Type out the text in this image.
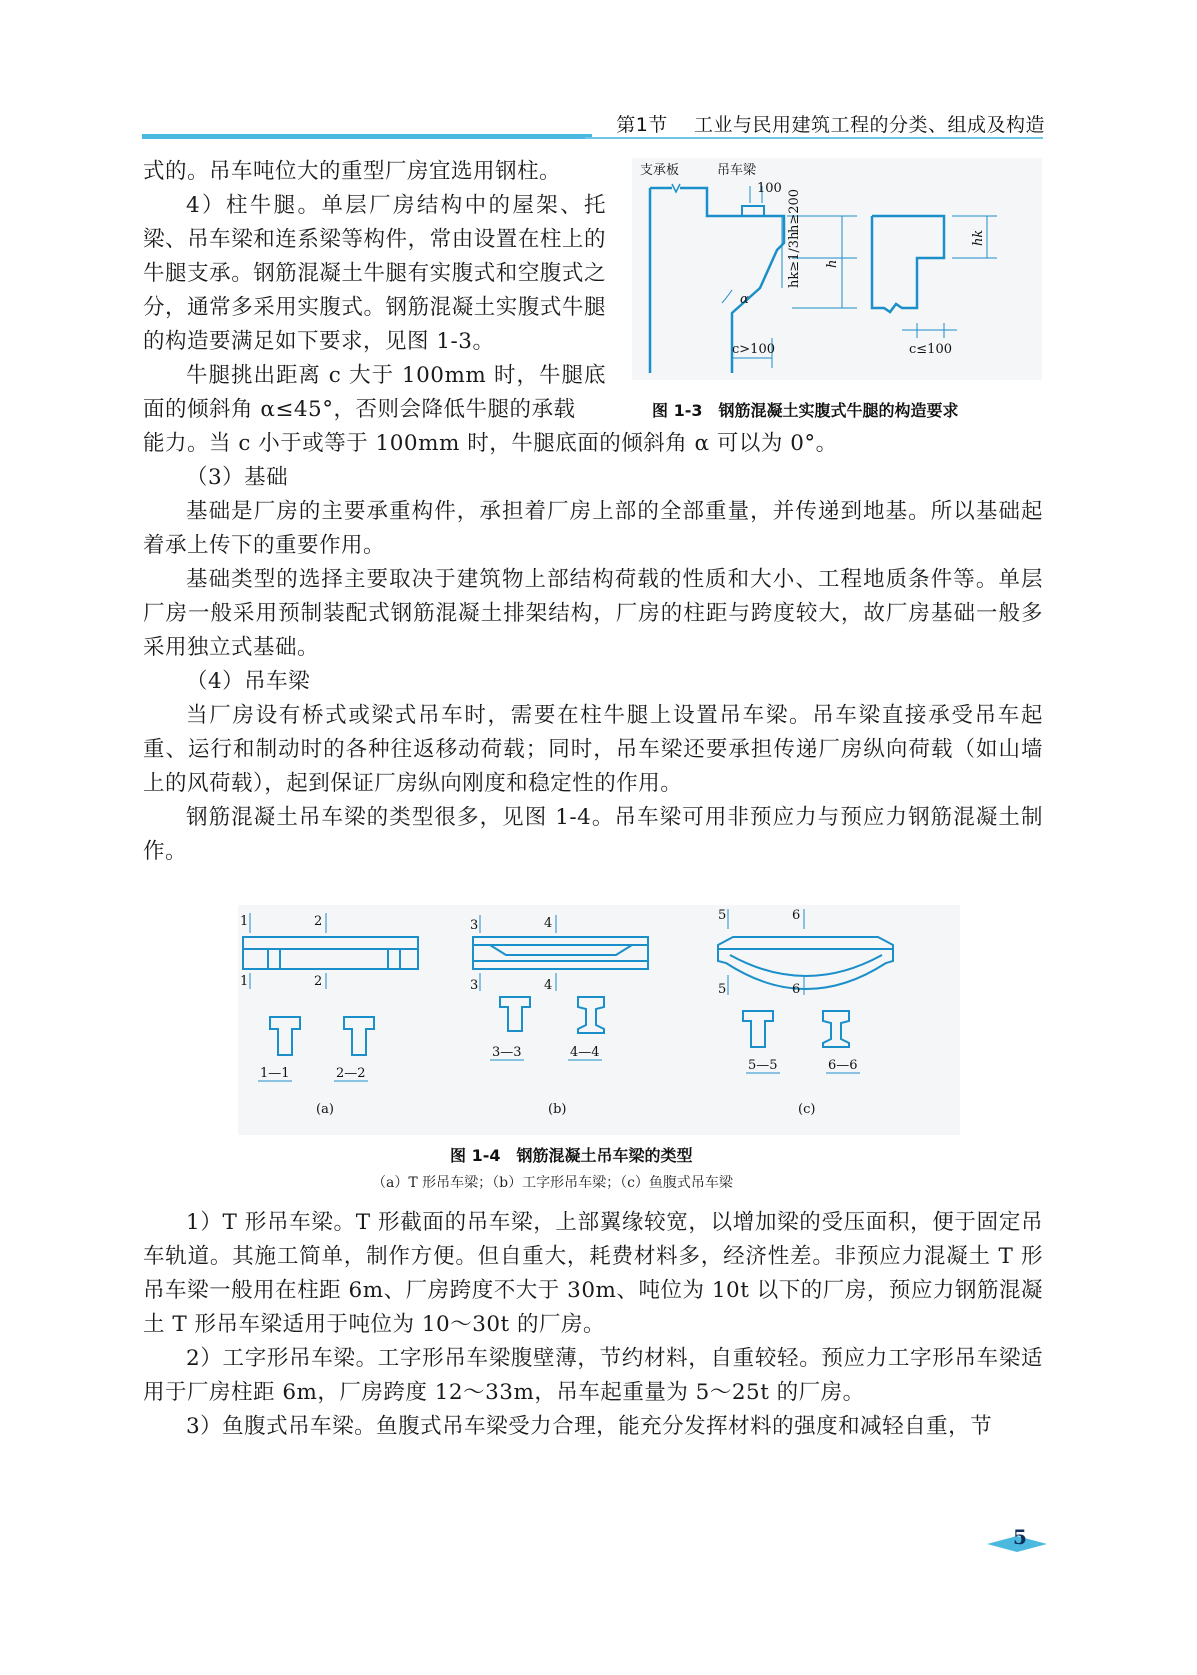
第1节 工业与民用建筑工程的分类、组成及构造

式的。吊车吨位大的重型厂房宜选用钢柱。

4）柱牛腿。单层厂房结构中的屋架、托梁、吊车梁和连系梁等构件，常由设置在柱上的牛腿支承。钢筋混凝土牛腿有实腹式和空腹式之分，通常多采用实腹式。钢筋混凝土实腹式牛腿的构造要满足如下要求，见图 1-3。

牛腿挑出距离 c 大于 100mm 时，牛腿底面的倾斜角 α≤45°，否则会降低牛腿的承载

能力。当 c 小于或等于 100mm 时，牛腿底面的倾斜角 α 可以为 0°。

支承板	吊车梁
100
h≥200
hk≥1/3h h
α
c>100
hk
c≤100
图 1-3　钢筋混凝土实腹式牛腿的构造要求

（3）基础

基础是厂房的主要承重构件，承担着厂房上部的全部重量，并传递到地基。所以基础起着承上传下的重要作用。

基础类型的选择主要取决于建筑物上部结构荷载的性质和大小、工程地质条件等。单层厂房一般采用预制装配式钢筋混凝土排架结构，厂房的柱距与跨度较大，故厂房基础一般多采用独立式基础。

（4）吊车梁

当厂房设有桥式或梁式吊车时，需要在柱牛腿上设置吊车梁。吊车梁直接承受吊车起重、运行和制动时的各种往返移动荷载；同时，吊车梁还要承担传递厂房纵向荷载（如山墙上的风荷载），起到保证厂房纵向刚度和稳定性的作用。

钢筋混凝土吊车梁的类型很多，见图 1-4。吊车梁可用非预应力与预应力钢筋混凝土制作。

1
1
2
2
3
3
4
4
5
5
6
6
1—1	2—2
3—3	4—4
5—5	6—6
(a)	(b)	(c)
图 1-4　钢筋混凝土吊车梁的类型
（a）T 形吊车梁；（b）工字形吊车梁；（c）鱼腹式吊车梁

1）T 形吊车梁。T 形截面的吊车梁，上部翼缘较宽，以增加梁的受压面积，便于固定吊车轨道。其施工简单，制作方便。但自重大，耗费材料多，经济性差。非预应力混凝土 T 形吊车梁一般用在柱距 6m、厂房跨度不大于 30m、吨位为 10t 以下的厂房，预应力钢筋混凝土 T 形吊车梁适用于吨位为 10～30t 的厂房。

2）工字形吊车梁。工字形吊车梁腹壁薄，节约材料，自重较轻。预应力工字形吊车梁适用于厂房柱距 6m，厂房跨度 12～33m，吊车起重量为 5～25t 的厂房。

3）鱼腹式吊车梁。鱼腹式吊车梁受力合理，能充分发挥材料的强度和减轻自重，节

5
